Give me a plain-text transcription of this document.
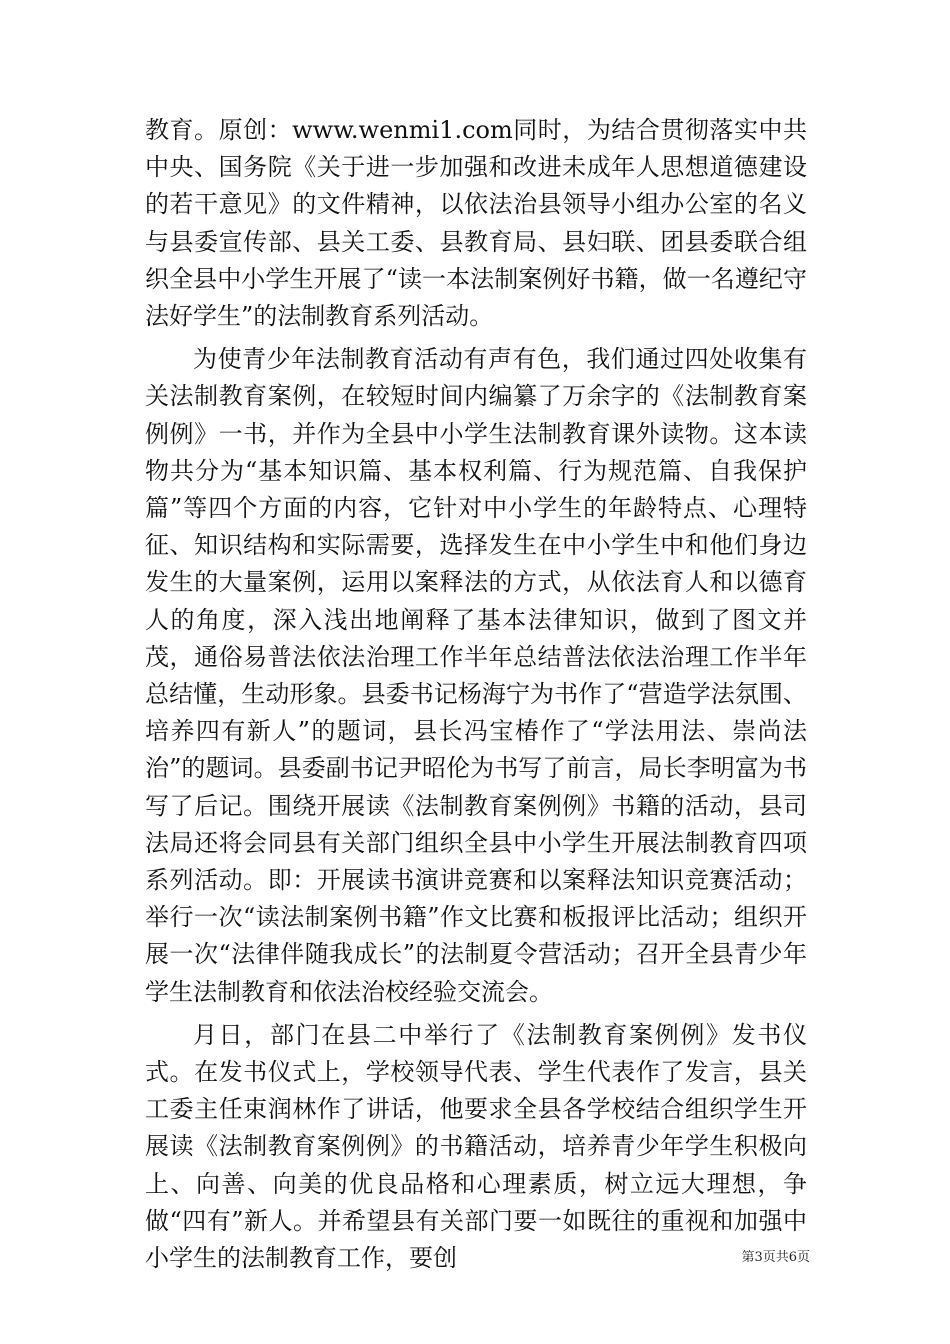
教育。原创：www.wenmi1.com同时，为结合贯彻落实中共中央、国务院《关于进一步加强和改进未成年人思想道德建设的若干意见》的文件精神，以依法治县领导小组办公室的名义与县委宣传部、县关工委、县教育局、县妇联、团县委联合组织全县中小学生开展了“读一本法制案例好书籍，做一名遵纪守法好学生”的法制教育系列活动。

为使青少年法制教育活动有声有色，我们通过四处收集有关法制教育案例，在较短时间内编纂了万余字的《法制教育案例例》一书，并作为全县中小学生法制教育课外读物。这本读物共分为“基本知识篇、基本权利篇、行为规范篇、自我保护篇”等四个方面的内容，它针对中小学生的年龄特点、心理特征、知识结构和实际需要，选择发生在中小学生中和他们身边发生的大量案例，运用以案释法的方式，从依法育人和以德育人的角度，深入浅出地阐释了基本法律知识，做到了图文并茂，通俗易普法依法治理工作半年总结普法依法治理工作半年总结懂，生动形象。县委书记杨海宁为书作了“营造学法氛围、培养四有新人”的题词，县长冯宝椿作了“学法用法、崇尚法治”的题词。县委副书记尹昭伦为书写了前言，局长李明富为书写了后记。围绕开展读《法制教育案例例》书籍的活动，县司法局还将会同县有关部门组织全县中小学生开展法制教育四项系列活动。即：开展读书演讲竞赛和以案释法知识竞赛活动；举行一次“读法制案例书籍”作文比赛和板报评比活动；组织开展一次“法律伴随我成长”的法制夏令营活动；召开全县青少年学生法制教育和依法治校经验交流会。

月日，部门在县二中举行了《法制教育案例例》发书仪式。在发书仪式上，学校领导代表、学生代表作了发言，县关工委主任束润林作了讲话，他要求全县各学校结合组织学生开展读《法制教育案例例》的书籍活动，培养青少年学生积极向上、向善、向美的优良品格和心理素质，树立远大理想，争做“四有”新人。并希望县有关部门要一如既往的重视和加强中小学生的法制教育工作，要创	第3页共6页
